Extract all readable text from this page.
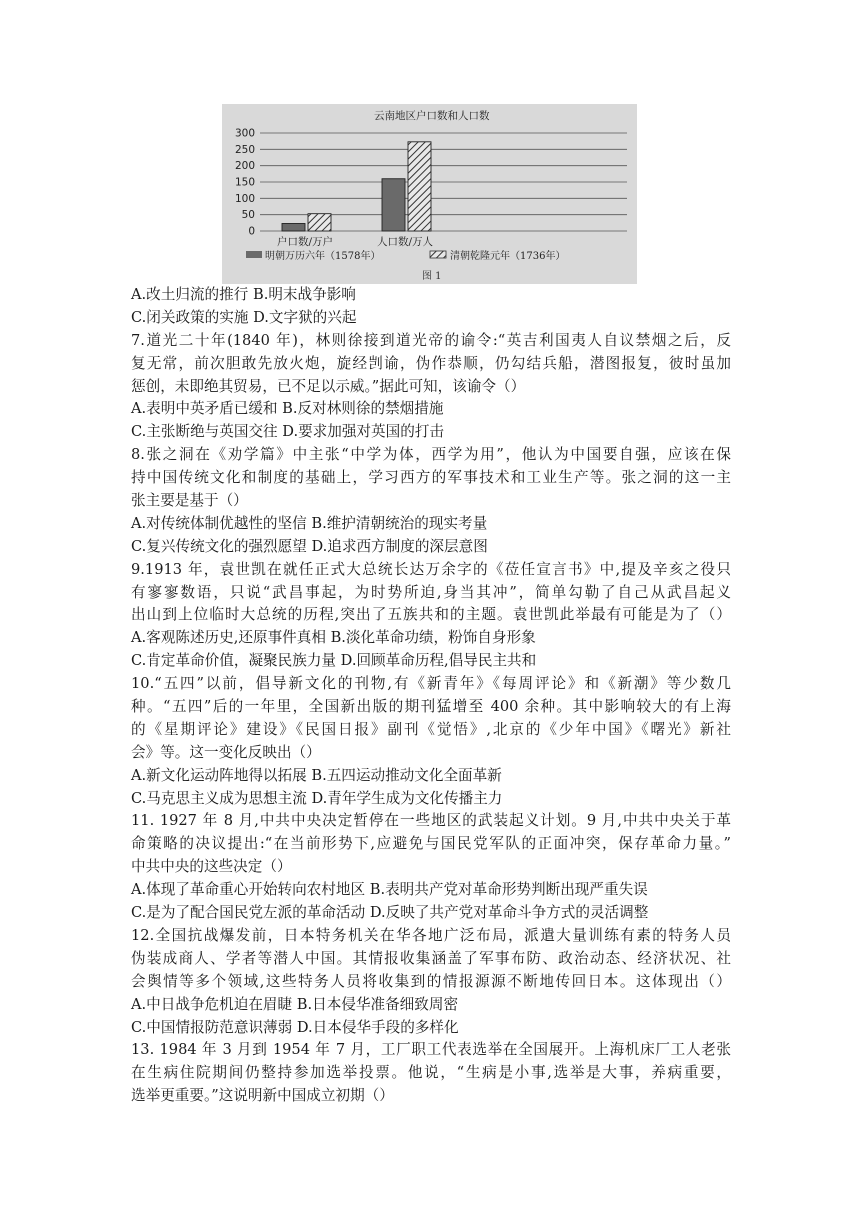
云南地区户口数和人口数
0
50
100
150
200
250
300
户口数/万户	人口数/万人
明朝万历六年（1578年）	清朝乾隆元年（1736年）
图 1
A.改土归流的推行 B.明末战争影响
C.闭关政策的实施 D.文字狱的兴起
7.道光二十年(1840 年)，林则徐接到道光帝的谕令:“英吉利国夷人自议禁烟之后，反
复无常，前次胆敢先放火炮，旋经剀谕，伪作恭顺，仍勾结兵船，潜图报复，彼时虽加
惩创，未即绝其贸易，已不足以示威。”据此可知，该谕令（）
A.表明中英矛盾已缓和 B.反对林则徐的禁烟措施
C.主张断绝与英国交往 D.要求加强对英国的打击
8.张之洞在《劝学篇》中主张“中学为体，西学为用”，他认为中国要自强，应该在保
持中国传统文化和制度的基础上，学习西方的军事技术和工业生产等。张之洞的这一主
张主要是基于（）
A.对传统体制优越性的坚信 B.维护清朝统治的现实考量
C.复兴传统文化的强烈愿望 D.追求西方制度的深层意图
9.1913 年，袁世凯在就任正式大总统长达万余字的《莅任宣言书》中,提及辛亥之役只
有寥寥数语，只说“武昌事起，为时势所迫,身当其冲”，简单勾勒了自己从武昌起义
出山到上位临时大总统的历程,突出了五族共和的主题。袁世凯此举最有可能是为了（）
A.客观陈述历史,还原事件真相 B.淡化革命功绩，粉饰自身形象
C.肯定革命价值，凝聚民族力量 D.回顾革命历程,倡导民主共和
10.“五四”以前，倡导新文化的刊物,有《新青年》《每周评论》和《新潮》等少数几
种。“五四”后的一年里，全国新出版的期刊猛增至 400 余种。其中影响较大的有上海
的《星期评论》建设》《民国日报》副刊《觉悟》,北京的《少年中国》《曙光》新社
会》等。这一变化反映出（）
A.新文化运动阵地得以拓展 B.五四运动推动文化全面革新
C.马克思主义成为思想主流 D.青年学生成为文化传播主力
11. 1927 年 8 月,中共中央决定暂停在一些地区的武装起义计划。9 月,中共中央关于革
命策略的决议提出:“在当前形势下,应避免与国民党军队的正面冲突，保存革命力量。”
中共中央的这些决定（）
A.体现了革命重心开始转向农村地区 B.表明共产党对革命形势判断出现严重失误
C.是为了配合国民党左派的革命活动 D.反映了共产党对革命斗争方式的灵活调整
12.全国抗战爆发前，日本特务机关在华各地广泛布局，派遣大量训练有素的特务人员
伪装成商人、学者等潜人中国。其情报收集涵盖了军事布防、政治动态、经济状况、社
会舆情等多个领域,这些特务人员将收集到的情报源源不断地传回日本。这体现出（）
A.中日战争危机迫在眉睫 B.日本侵华准备细致周密
C.中国情报防范意识薄弱 D.日本侵华手段的多样化
13. 1984 年 3 月到 1954 年 7 月，工厂职工代表选举在全国展开。上海机床厂工人老张
在生病住院期间仍整持参加选举投票。他说，“生病是小事,选举是大事，养病重要，
选举更重要。”这说明新中国成立初期（）
